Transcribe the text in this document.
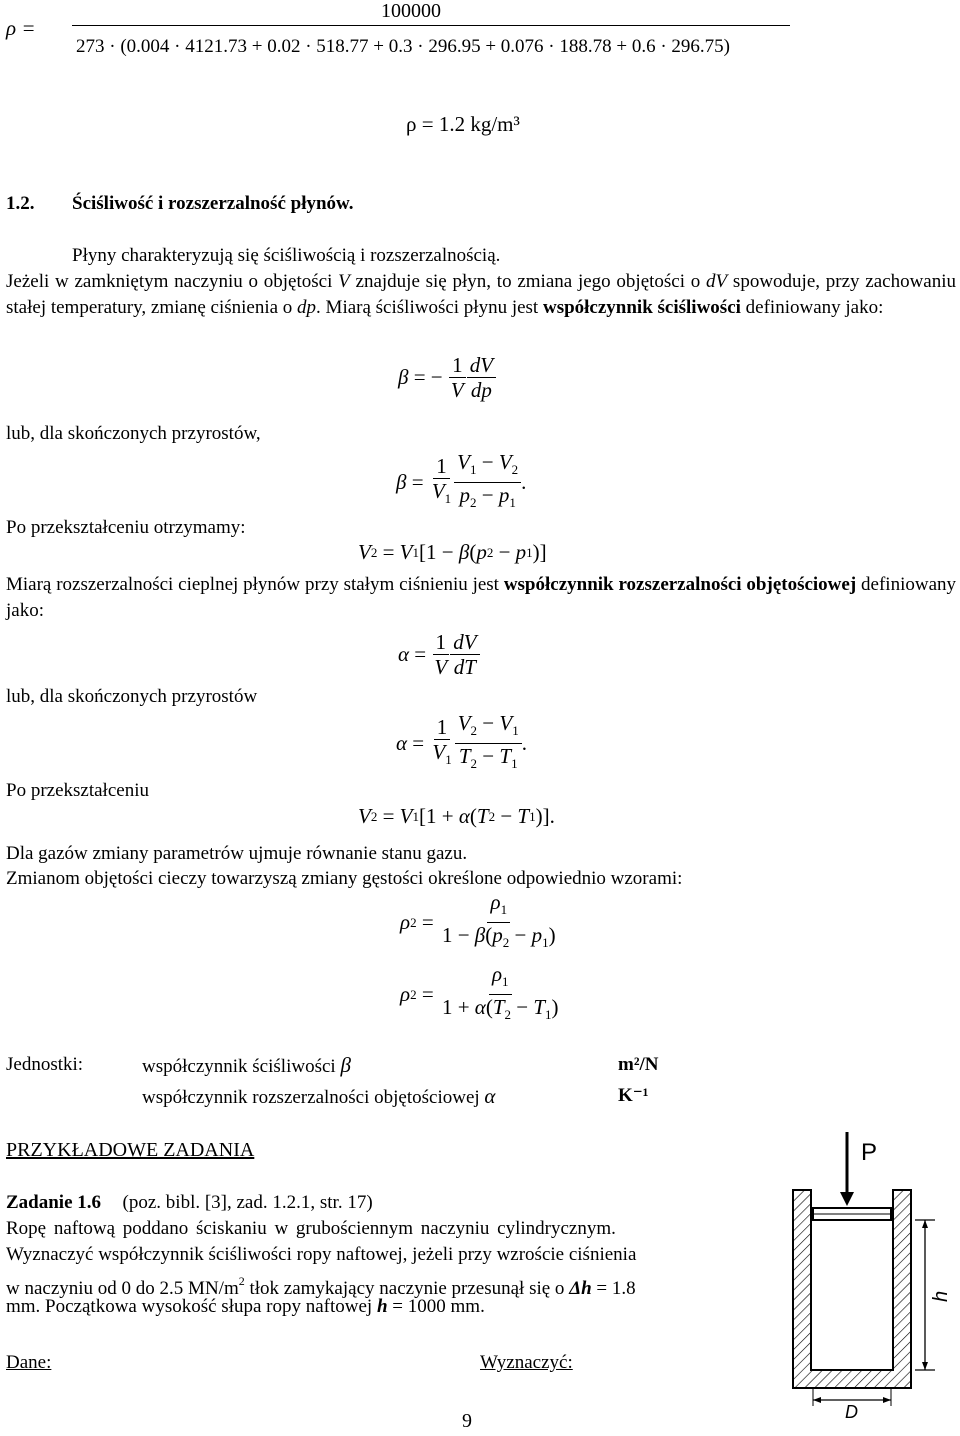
ρ =
100000
273 · (0.004 · 4121.73 + 0.02 · 518.77 + 0.3 · 296.95 + 0.076 · 188.78 + 0.6 · 296.75)
ρ = 1.2 kg/m³
1.2. Ściśliwość i rozszerzalność płynów.
Płyny charakteryzują się ściśliwością i rozszerzalnością.
Jeżeli w zamkniętym naczyniu o objętości V znajduje się płyn, to zmiana jego objętości o dV spowoduje, przy zachowaniu stałej temperatury, zmianę ciśnienia o dp. Miarą ściśliwości płynu jest współczynnik ściśliwości definiowany jako:
β = − $\frac{1}{V} \frac{dV}{dp}$
lub, dla skończonych przyrostów,
$\beta = \frac{1}{V_1} \frac{V_1 - V_2}{p_2 - p_1}$ .
Po przekształceniu otrzymamy:
V 2 = V 1 [1 − β ( p 2 − p 1 )]
Miarą rozszerzalności cieplnej płynów przy stałym ciśnieniu jest współczynnik rozszerzalności objętościowej definiowany jako:
$\alpha = \frac{1}{V} \frac{dV}{dT}$
lub, dla skończonych przyrostów
$\alpha = \frac{1}{V_1} \frac{V_2 - V_1}{T_2 - T_1}$ .
Po przekształceniu
V 2 = V 1 [1 + α ( T 2 − T 1 )].
Dla gazów zmiany parametrów ujmuje równanie stanu gazu.
Zmianom objętości cieczy towarzyszą zmiany gęstości określone odpowiednio wzorami:
ρ $2 = \frac{\rho_1}{1 - \beta(p_2 - p_1)}$
ρ $2 = \frac{\rho_1}{1 + \alpha(T_2 - T_1)}$
Jednostki:	współczynnik ściśliwości β	m²/N
współczynnik rozszerzalności objętościowej α	K⁻¹
PRZYKŁADOWE ZADANIA
Zadanie 1.6 (poz. bibl. [3], zad. 1.2.1, str. 17)
Ropę naftową poddano ściskaniu w grubościennym naczyniu cylindrycznym.
Wyznaczyć współczynnik ściśliwości ropy naftowej, jeżeli przy wzroście ciśnienia
w naczyniu od 0 do 2.5 $MN/m^2$ tłok zamykający naczynie przesunął się o Δh = 1.8
mm. Początkowa wysokość słupa ropy naftowej h = 1000 mm.
Dane:	Wyznaczyć:
P
h
D
9
